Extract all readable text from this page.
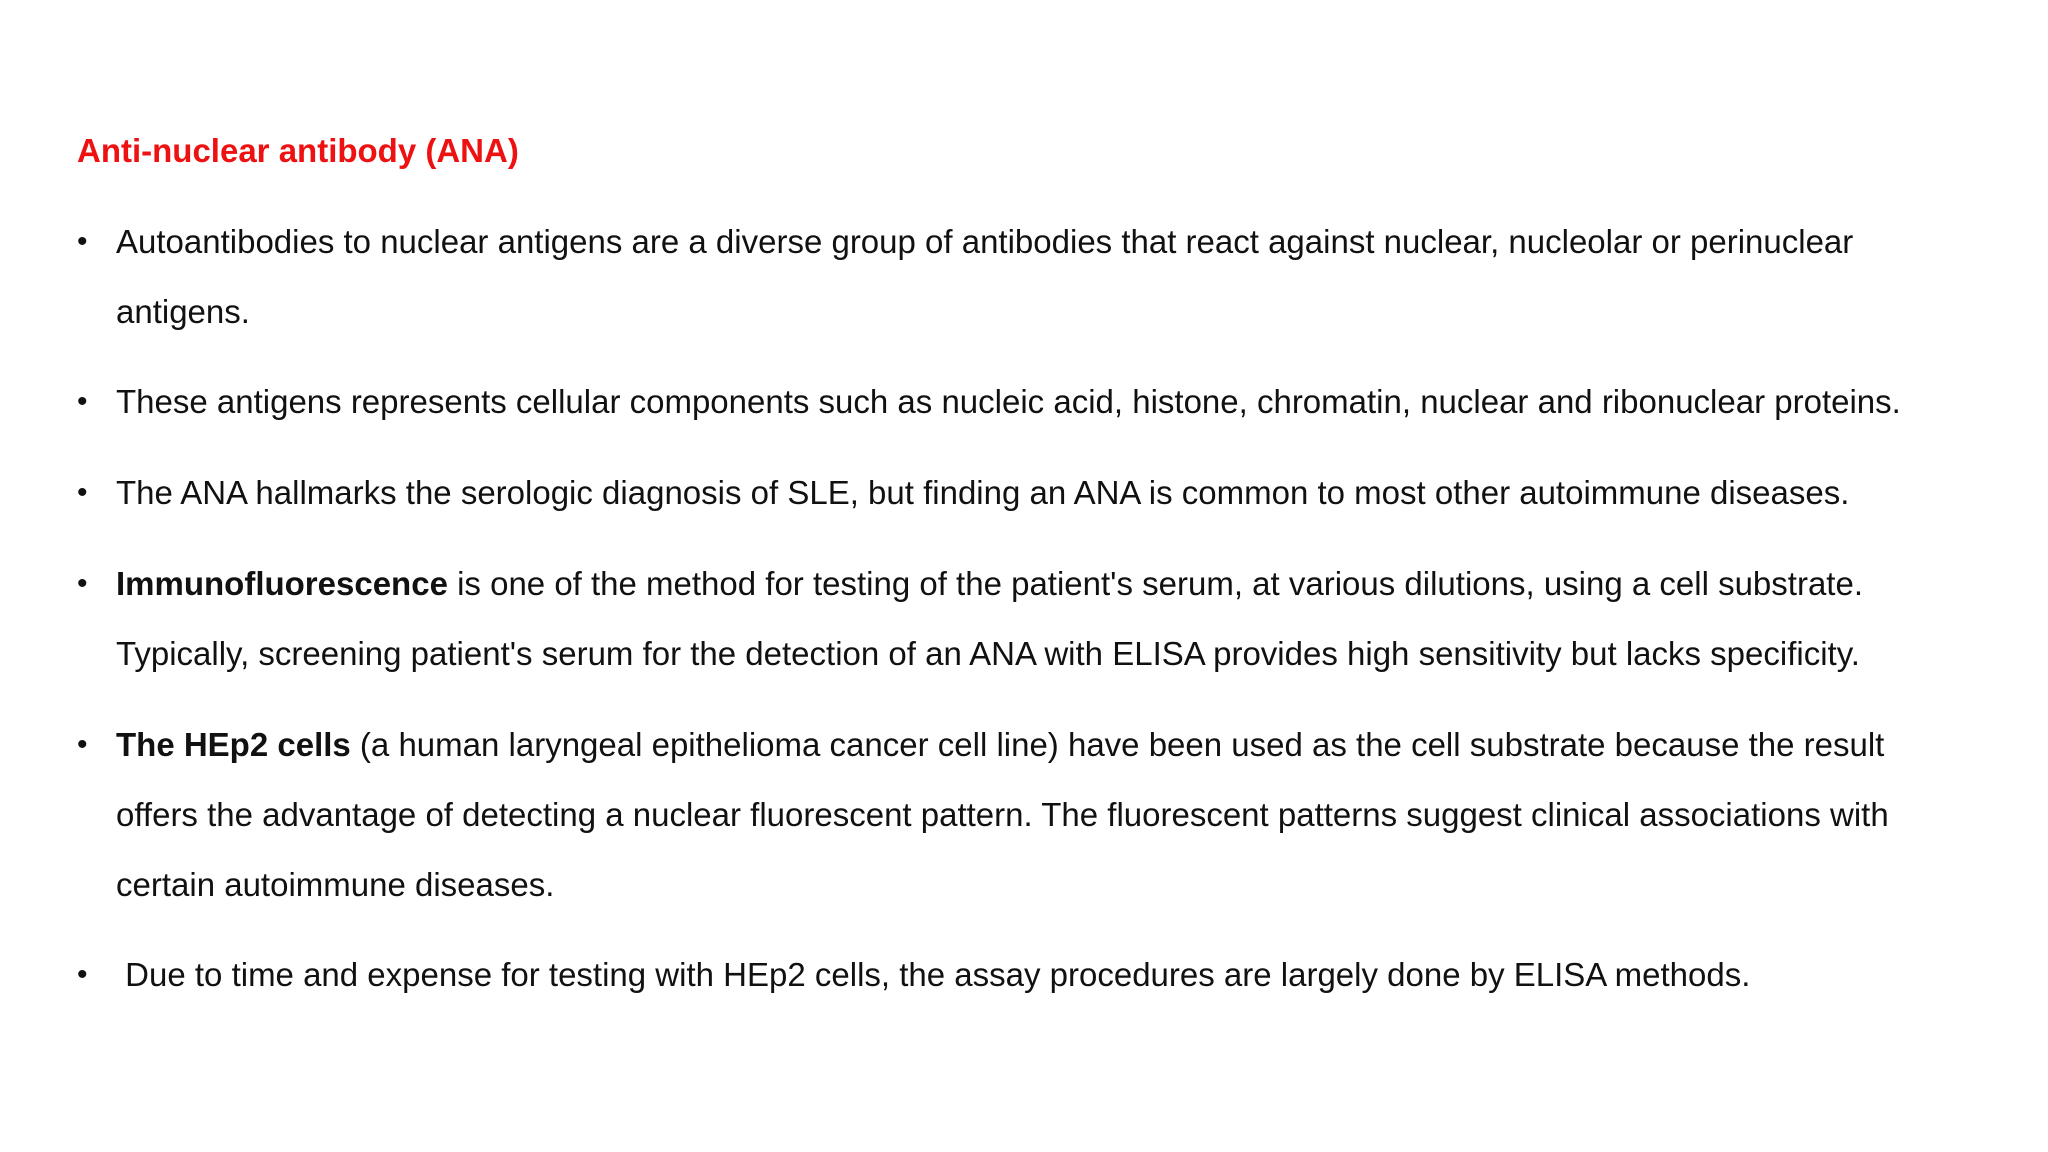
Anti-nuclear antibody (ANA)
• Autoantibodies to nuclear antigens are a diverse group of antibodies that react against nuclear, nucleolar or perinuclear
antigens.
• These antigens represents cellular components such as nucleic acid, histone, chromatin, nuclear and ribonuclear proteins.
• The ANA hallmarks the serologic diagnosis of SLE, but finding an ANA is common to most other autoimmune diseases.
• Immunofluorescence is one of the method for testing of the patient's serum, at various dilutions, using a cell substrate.
Typically, screening patient's serum for the detection of an ANA with ELISA provides high sensitivity but lacks specificity.
• The HEp2 cells (a human laryngeal epithelioma cancer cell line) have been used as the cell substrate because the result
offers the advantage of detecting a nuclear fluorescent pattern. The fluorescent patterns suggest clinical associations with
certain autoimmune diseases.
• Due to time and expense for testing with HEp2 cells, the assay procedures are largely done by ELISA methods.
